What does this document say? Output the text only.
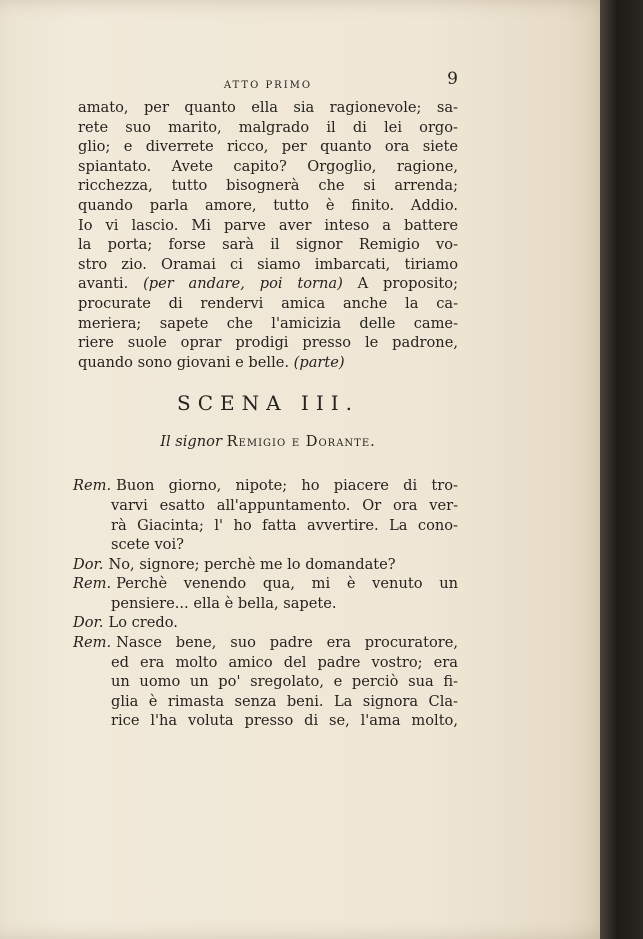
ATTO PRIMO	9
amato, per quanto ella sia ragionevole; sa-
rete suo marito, malgrado il di lei orgo-
glio; e diverrete ricco, per quanto ora siete
spiantato. Avete capito? Orgoglio, ragione,
ricchezza, tutto bisognerà che si arrenda;
quando parla amore, tutto è finito. Addio.
Io vi lascio. Mi parve aver inteso a battere
la porta; forse sarà il signor Remigio vo-
stro zio. Oramai ci siamo imbarcati, tiriamo
avanti. (per andare, poi torna) A proposito;
procurate di rendervi amica anche la ca-
meriera; sapete che l'amicizia delle came-
riere suole oprar prodigi presso le padrone,
quando sono giovani e belle. (parte)
SCENA III.
Il signor Remigio e Dorante.
Rem. Buon giorno, nipote; ho piacere di tro-
varvi esatto all'appuntamento. Or ora ver-
rà Giacinta; l' ho fatta avvertire. La cono-
scete voi?
Dor. No, signore; perchè me lo domandate?
Rem. Perchè venendo qua, mi è venuto un
pensiere... ella è bella, sapete.
Dor. Lo credo.
Rem. Nasce bene, suo padre era procuratore,
ed era molto amico del padre vostro; era
un uomo un po' sregolato, e perciò sua fi-
glia è rimasta senza beni. La signora Cla-
rice l'ha voluta presso di se, l'ama molto,
